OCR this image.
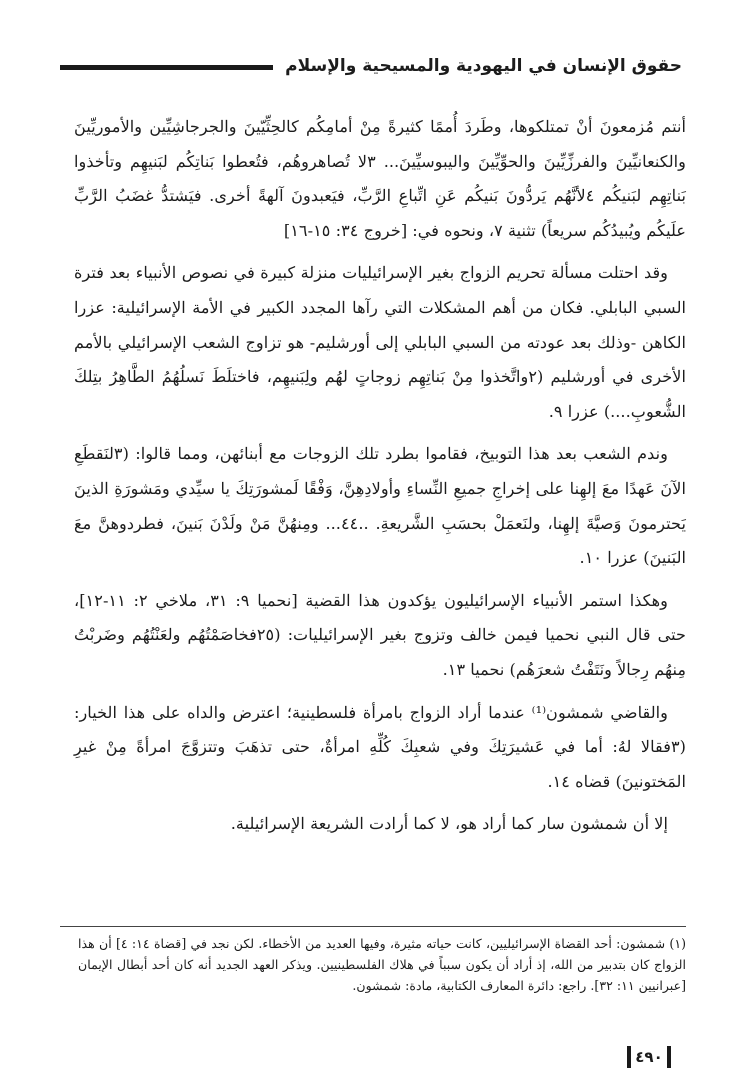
حقوق الإنسان في اليهودية والمسيحية والإسلام

أنتم مُزمعونَ أنْ تمتلكوها، وطَردَ أُممًا كثيرةً مِنْ أمامِكُم كالحِثِّيّينَ والجرجاشِيِّين والأموريِّينَ والكنعانيِّينَ والفرزِّيِّينَ والحوِّيِّينَ واليبوسيِّينَ... ٣لا تُصاهروهُم، فتُعطوا بَناتِكُم لبَنيهِم وتأخذوا بَناتِهِم لبَنيكُم ٤لأنَّهُم يَردُّونَ بَنيكُم عَنِ اتِّباعِ الرَّبِّ، فيَعبدونَ آلهةً أخرى. فيَشتدُّ غضَبُ الرَّبِّ علَيكُم ويُبيدُكُم سريعاً) تثنية ٧، ونحوه في: [خروج ٣٤: ١٥-١٦]

وقد احتلت مسألة تحريم الزواج بغير الإسرائيليات منزلة كبيرة في نصوص الأنبياء بعد فترة السبي البابلي. فكان من أهم المشكلات التي رآها المجدد الكبير في الأمة الإسرائيلية: عزرا الكاهن -وذلك بعد عودته من السبي البابلي إلى أورشليم- هو تزاوج الشعب الإسرائيلي بالأمم الأخرى في أورشليم (٢واتَّخذوا مِنْ بَناتِهِم زوجاتٍ لهُم ولِبَنيهِم، فاختلَطَ نَسلُهُمُ الطَّاهِرُ بتِلكَ الشُّعوبِ....) عزرا ٩.

وندم الشعب بعد هذا التوبيخ، فقاموا بطرد تلك الزوجات مع أبنائهن، ومما قالوا: (٣لنَقطَعِ الآنَ عَهدًا معَ إلهِنا على إخراجِ جميعِ النِّساءِ وأولادِهِنَّ، وَفْقًا لَمشورَتِكَ يا سيِّدي ومَشورَةِ الذينَ يَحترمونَ وَصيَّةَ إلهِنا، ولنَعمَلْ بحسَبِ الشَّريعةِ. ..٤٤... ومِنهُنَّ مَنْ ولَدْنَ بَنينَ، فطردوهنَّ معَ البَنينَ) عزرا ١٠.

وهكذا استمر الأنبياء الإسرائيليون يؤكدون هذا القضية [نحميا ٩: ٣١، ملاخي ٢: ١١-١٢]، حتى قال النبي نحميا فيمن خالف وتزوج بغير الإسرائيليات: (٢٥فخاصَمْتُهُم ولعَنْتُهُم وضَربْتُ مِنهُم رِجالاً ونَتَفْتُ شعرَهُم) نحميا ١٣.

والقاضي شمشون⁽¹⁾ عندما أراد الزواج بامرأة فلسطينية؛ اعترض والداه على هذا الخيار: (٣فقالا لهُ: أما في عَشيرَتِكَ وفي شعبِكَ كُلِّهِ امرأةٌ، حتى تذهَبَ وتتزوَّجَ امرأةً مِنْ غيرِ المَختونينَ) قضاه ١٤.

إلا أن شمشون سار كما أراد هو، لا كما أرادت الشريعة الإسرائيلية.

(١) شمشون: أحد القضاة الإسرائيليين، كانت حياته مثيرة، وفيها العديد من الأخطاء. لكن نجد في [قضاة ١٤: ٤] أن هذا الزواج كان بتدبير من الله، إذ أراد أن يكون سبباً في هلاك الفلسطينيين. ويذكر العهد الجديد أنه كان أحد أبطال الإيمان [عبرانيين ١١: ٣٢]. راجع: دائرة المعارف الكتابية، مادة: شمشون.

٤٩٠
